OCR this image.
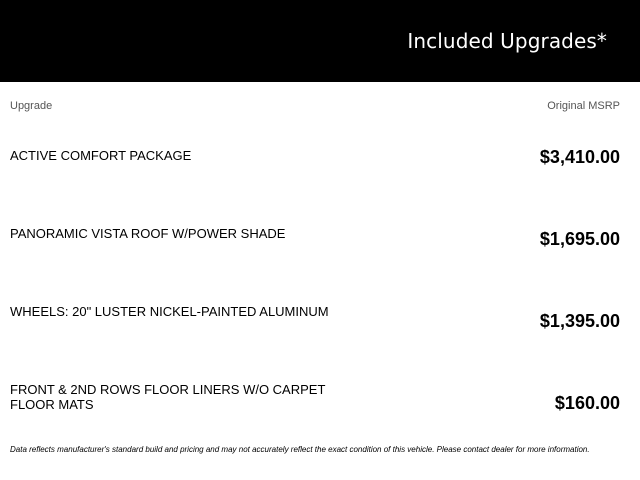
Included Upgrades*
Upgrade	Original MSRP
ACTIVE COMFORT PACKAGE	$3,410.00
PANORAMIC VISTA ROOF W/POWER SHADE	$1,695.00
WHEELS: 20" LUSTER NICKEL-PAINTED ALUMINUM	$1,395.00
FRONT & 2ND ROWS FLOOR LINERS W/O CARPET FLOOR MATS	$160.00
Data reflects manufacturer's standard build and pricing and may not accurately reflect the exact condition of this vehicle. Please contact dealer for more information.
